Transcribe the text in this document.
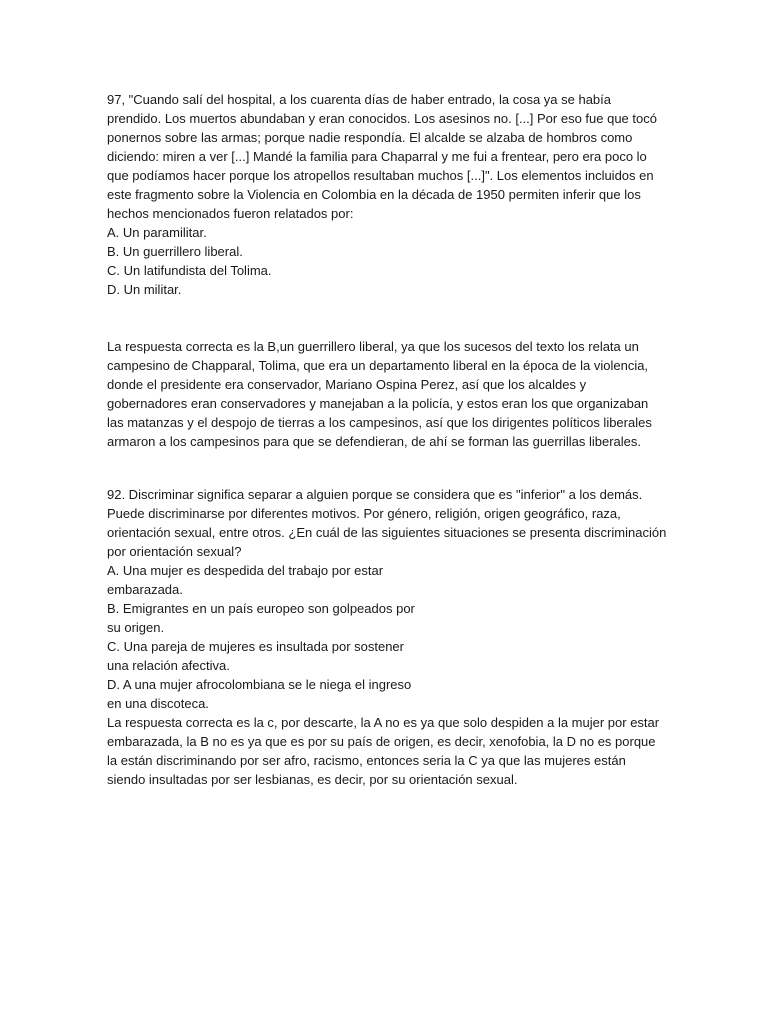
97, "Cuando salí del hospital, a los cuarenta días de haber entrado, la cosa ya se había prendido. Los muertos abundaban y eran conocidos. Los asesinos no. [...] Por eso fue que tocó ponernos sobre las armas; porque nadie respondía. El alcalde se alzaba de hombros como diciendo: miren a ver [...] Mandé la familia para Chaparral y me fui a frentear, pero era poco lo que podíamos hacer porque los atropellos resultaban muchos [...]". Los elementos incluidos en este fragmento sobre la Violencia en Colombia en la década de 1950 permiten inferir que los hechos mencionados fueron relatados por:

A. Un paramilitar.

B. Un guerrillero liberal.

C. Un latifundista del Tolima.

D. Un militar.

La respuesta correcta es la B,un guerrillero liberal, ya que los sucesos del texto los relata un campesino de Chapparal, Tolima, que era un departamento liberal en la época de la violencia, donde el presidente era conservador, Mariano Ospina Perez, así que los alcaldes y gobernadores eran conservadores y manejaban a la policía, y estos eran los que organizaban las matanzas y el despojo de tierras a los campesinos, así que los dirigentes políticos liberales armaron a los campesinos para que se defendieran, de ahí se forman las guerrillas liberales.

92. Discriminar significa separar a alguien porque se considera que es "inferior" a los demás. Puede discriminarse por diferentes motivos. Por género, religión, origen geográfico, raza, orientación sexual, entre otros. ¿En cuál de las siguientes situaciones se presenta discriminación por orientación sexual?

A. Una mujer es despedida del trabajo por estar

embarazada.

B. Emigrantes en un país europeo son golpeados por

su origen.

C. Una pareja de mujeres es insultada por sostener

una relación afectiva.

D. A una mujer afrocolombiana se le niega el ingreso

en una discoteca.

La respuesta correcta es la c, por descarte, la A no es ya que solo despiden a la mujer por estar embarazada, la B no es ya que es por su país de origen, es decir, xenofobia, la D no es porque la están discriminando por ser afro, racismo, entonces seria la C ya que las mujeres están siendo insultadas por ser lesbianas, es decir, por su orientación sexual.
